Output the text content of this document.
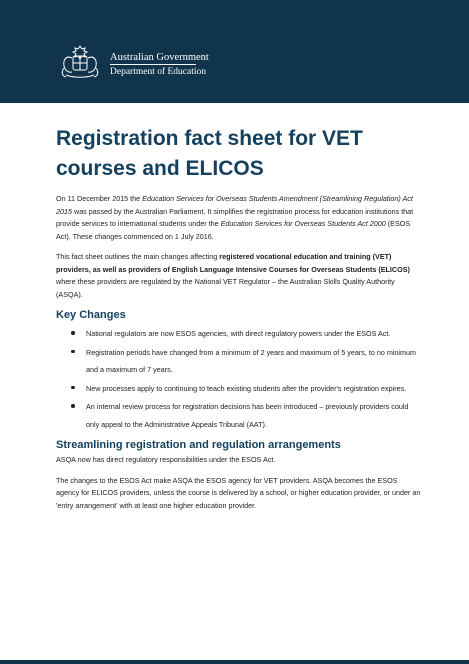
Australian Government
Department of Education
Registration fact sheet for VET courses and ELICOS

On 11 December 2015 the Education Services for Overseas Students Amendment (Streamlining Regulation) Act 2015 was passed by the Australian Parliament. It simplifies the registration process for education institutions that provide services to international students under the Education Services for Overseas Students Act 2000 (ESOS Act). These changes commenced on 1 July 2016.

This fact sheet outlines the main changes affecting registered vocational education and training (VET) providers, as well as providers of English Language Intensive Courses for Overseas Students (ELICOS) where these providers are regulated by the National VET Regulator – the Australian Skills Quality Authority (ASQA).

Key Changes
National regulators are now ESOS agencies, with direct regulatory powers under the ESOS Act.
Registration periods have changed from a minimum of 2 years and maximum of 5 years, to no minimum and a maximum of 7 years.
New processes apply to continuing to teach existing students after the provider's registration expires.
An internal review process for registration decisions has been introduced – previously providers could only appeal to the Administrative Appeals Tribunal (AAT).
Streamlining registration and regulation arrangements

ASQA now has direct regulatory responsibilities under the ESOS Act.

The changes to the ESOS Act make ASQA the ESOS agency for VET providers. ASQA becomes the ESOS agency for ELICOS providers, unless the course is delivered by a school, or higher education provider, or under an 'entry arrangement' with at least one higher education provider.
